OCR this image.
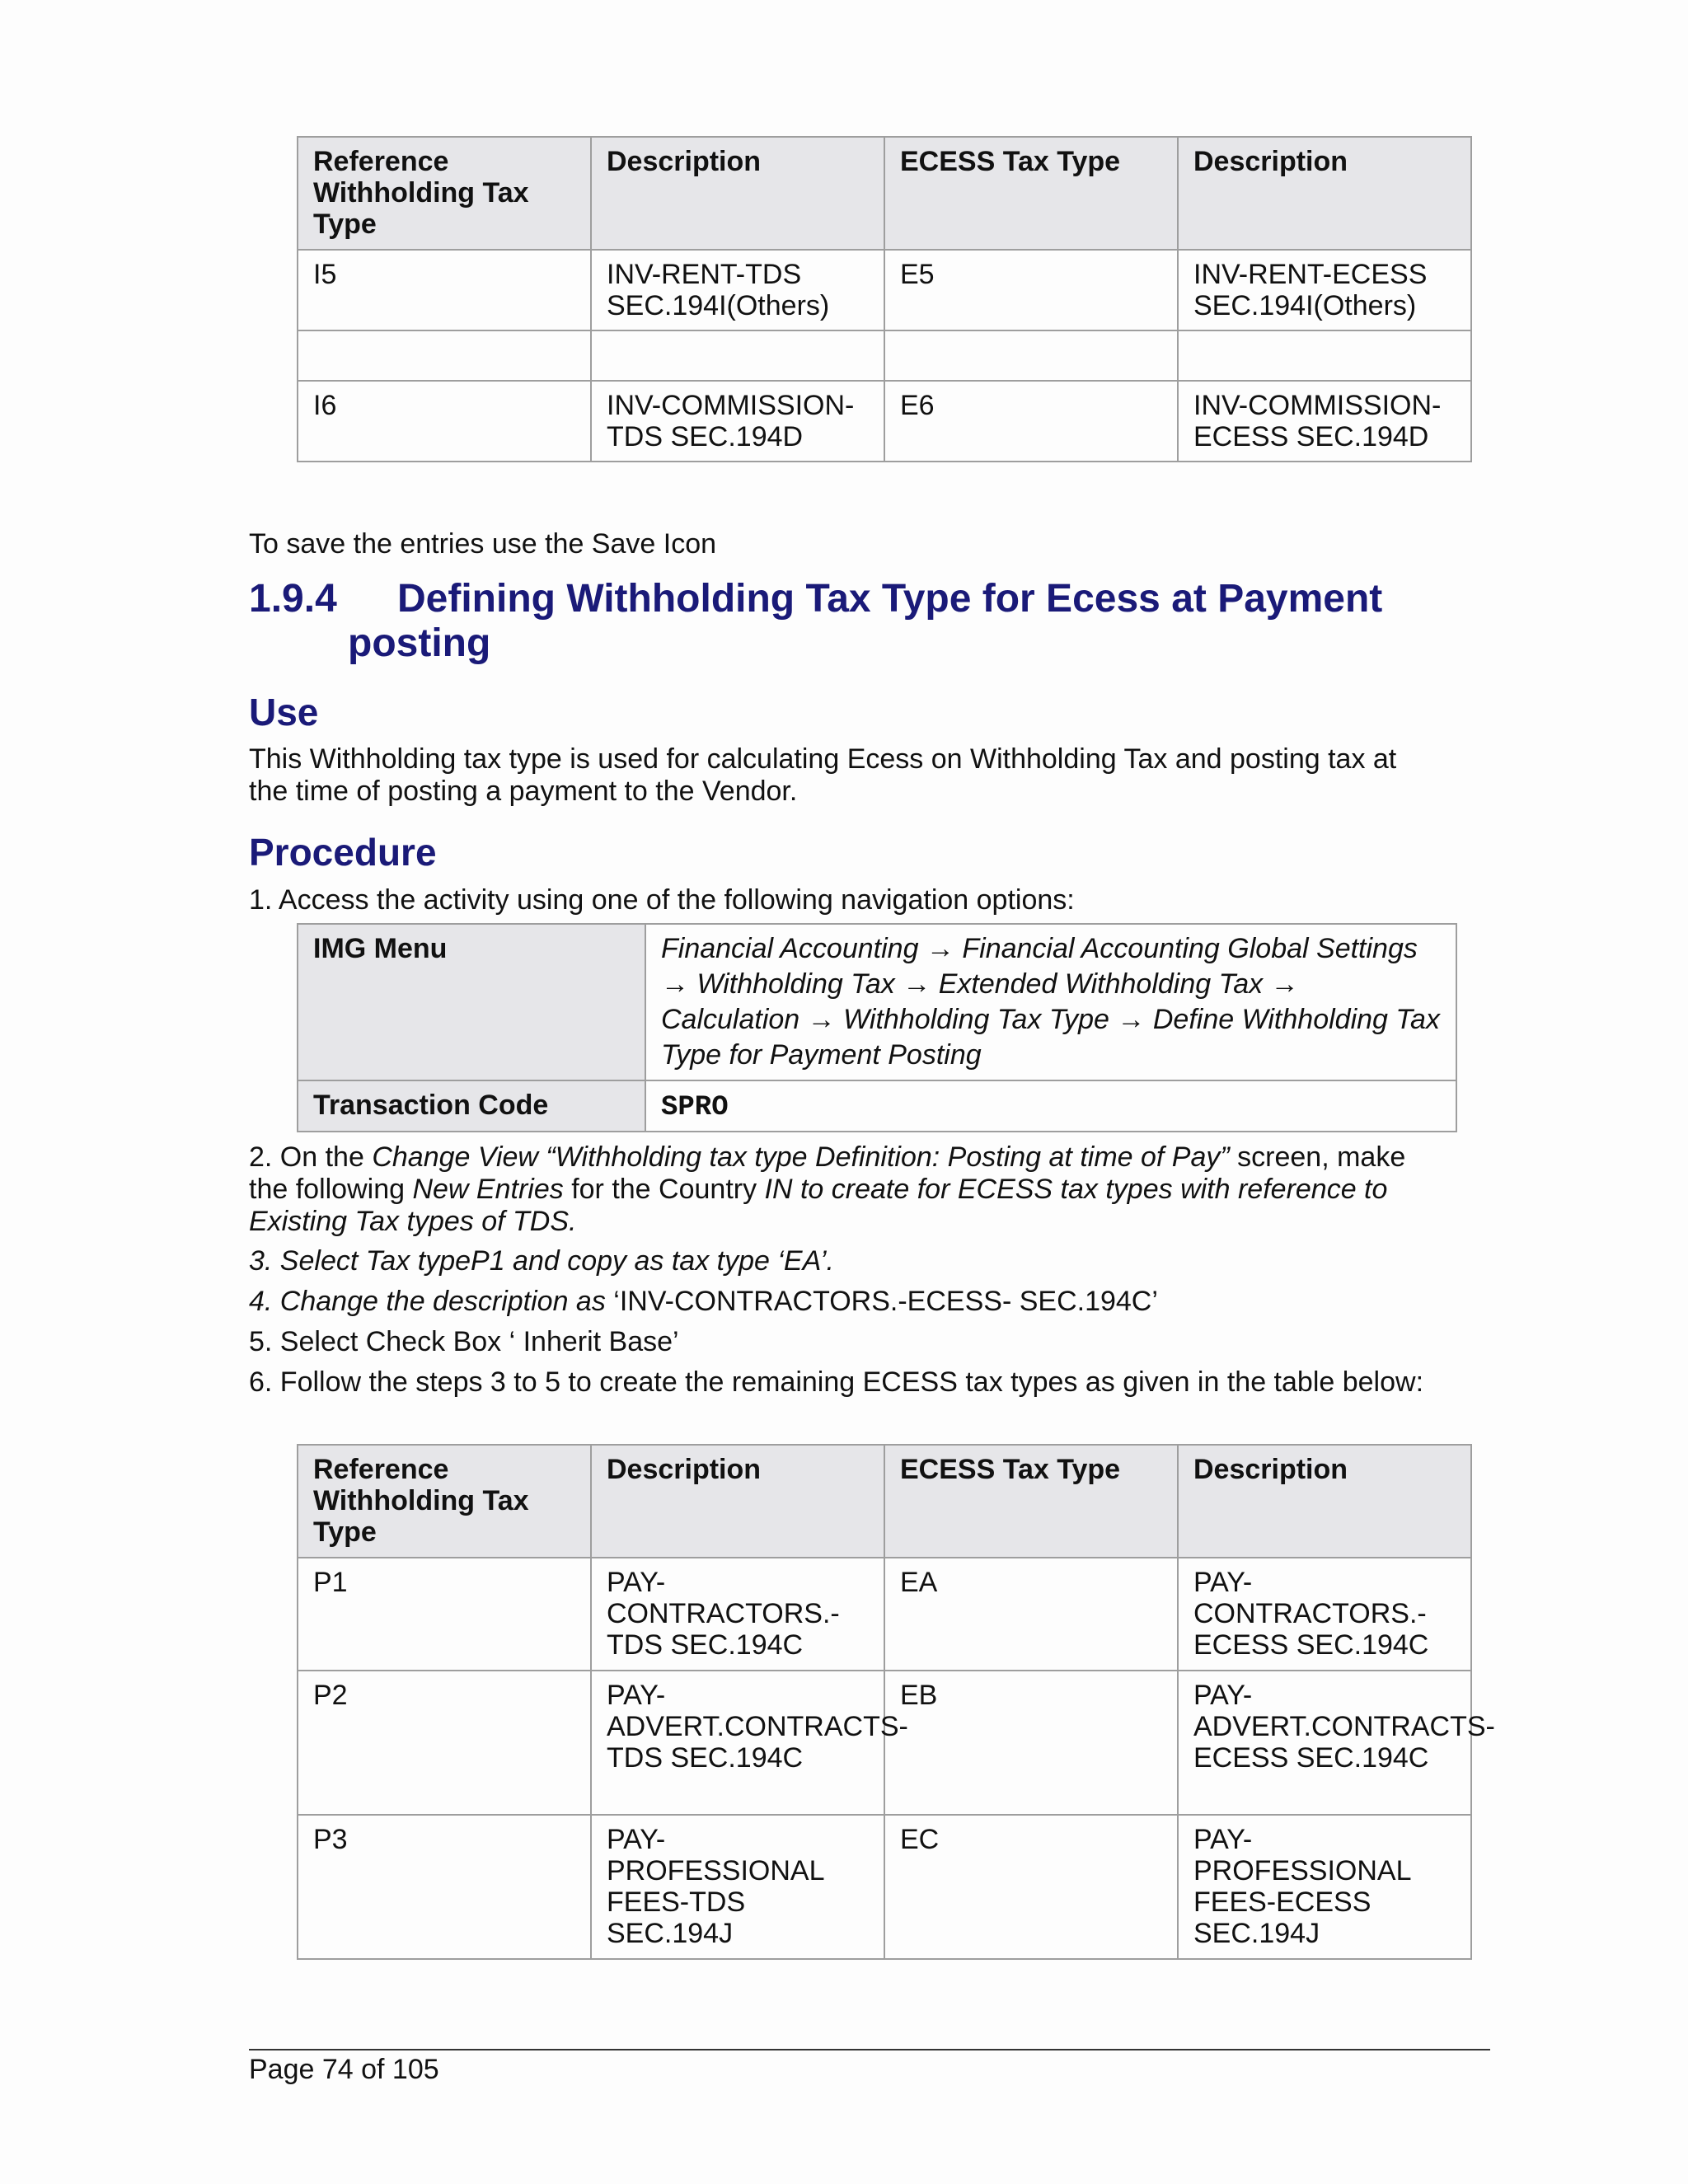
Reference Withholding Tax Type	Description	ECESS Tax Type	Description
I5	INV-RENT-TDS SEC.194I(Others)	E5	INV-RENT-ECESS SEC.194I(Others)

I6	INV-COMMISSION-TDS SEC.194D	E6	INV-COMMISSION-ECESS SEC.194D
To save the entries use the Save Icon
1.9.4 Defining Withholding Tax Type for Ecess at Payment
posting
Use
This Withholding tax type is used for calculating Ecess on Withholding Tax and posting tax at the time of posting a payment to the Vendor.
Procedure
1. Access the activity using one of the following navigation options:
IMG Menu	Financial Accounting → Financial Accounting Global Settings → Withholding Tax → Extended Withholding Tax → Calculation → Withholding Tax Type → Define Withholding Tax Type for Payment Posting
Transaction Code	SPRO
2. On the Change View “Withholding tax type Definition: Posting at time of Pay” screen, make the following New Entries for the Country IN to create for ECESS tax types with reference to Existing Tax types of TDS.
3. Select Tax typeP1 and copy as tax type ‘EA’.
4. Change the description as ‘INV-CONTRACTORS.-ECESS- SEC.194C’
5. Select Check Box ‘ Inherit Base’
6. Follow the steps 3 to 5 to create the remaining ECESS tax types as given in the table below:
Reference Withholding Tax Type	Description	ECESS Tax Type	Description
P1	PAY-CONTRACTORS.-TDS SEC.194C	EA	PAY-CONTRACTORS.-ECESS SEC.194C
P2	PAY-ADVERT.CONTRACTS-TDS SEC.194C	EB	PAY-ADVERT.CONTRACTS-ECESS SEC.194C
P3	PAY-PROFESSIONAL FEES-TDS SEC.194J	EC	PAY-PROFESSIONAL FEES-ECESS SEC.194J
Page 74 of 105
